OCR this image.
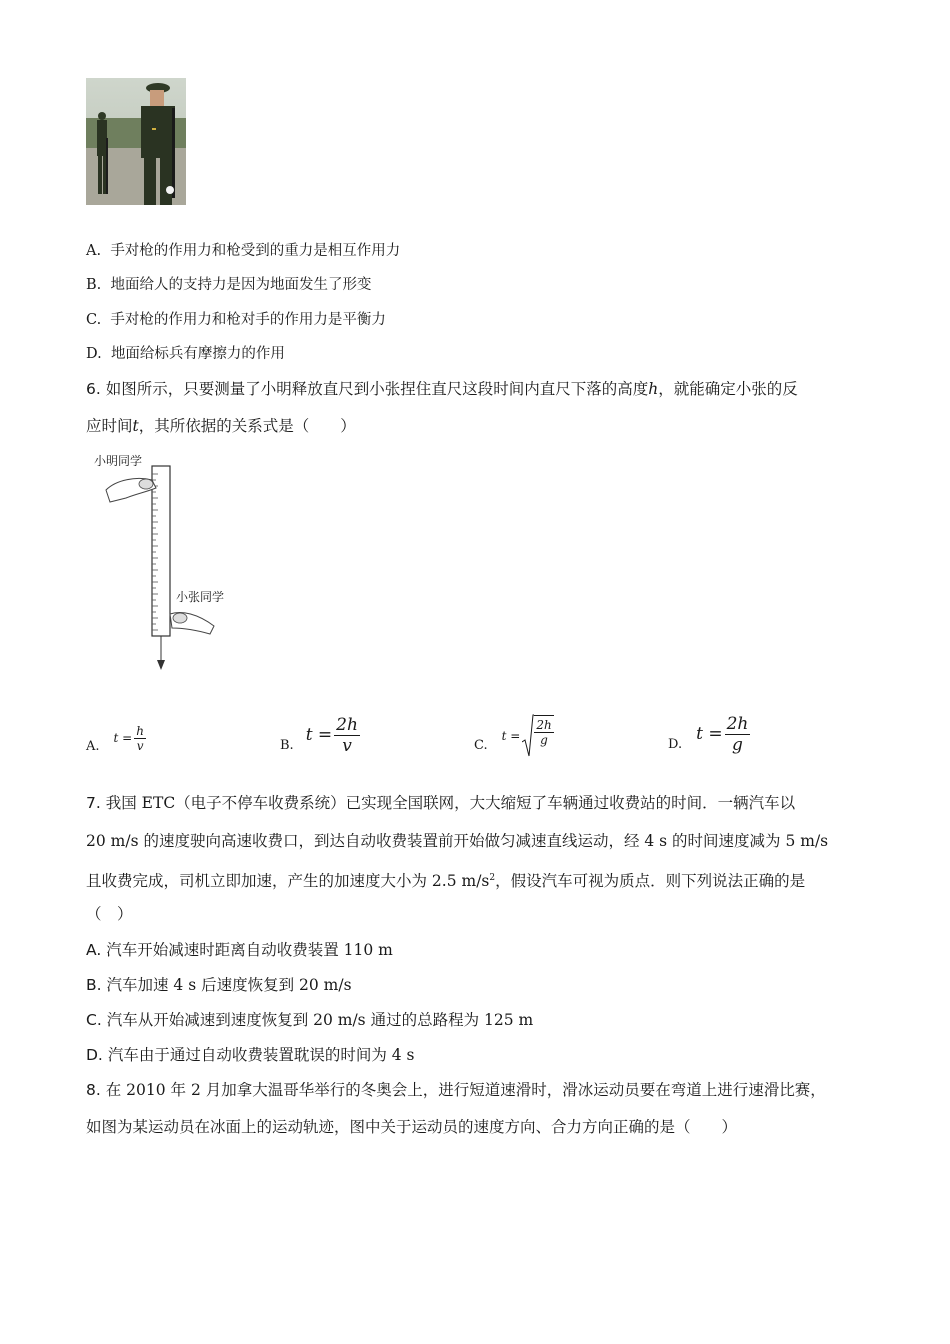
A. 手对枪的作用力和枪受到的重力是相互作用力
B. 地面给人的支持力是因为地面发生了形变
C. 手对枪的作用力和枪对手的作用力是平衡力
D. 地面给标兵有摩擦力的作用
6. 如图所示，只要测量了小明释放直尺到小张捏住直尺这段时间内直尺下落的高度h，就能确定小张的反
应时间t，其所依据的关系式是（　　）
小明同学
小张同学
A.
$t = \frac{h}{v}$	B. $t = \frac{2h}{v}$	C.
$t = \frac{2h}{g}$	D. $t = \frac{2h}{g}$
7. 我国 ETC（电子不停车收费系统）已实现全国联网，大大缩短了车辆通过收费站的时间．一辆汽车以
20 m/s 的速度驶向高速收费口，到达自动收费装置前开始做匀减速直线运动，经 4 s 的时间速度减为 5 m/s
且收费完成，司机立即加速，产生的加速度大小为 2.5 $m/s^2$，假设汽车可视为质点．则下列说法正确的是
（　）
A. 汽车开始减速时距离自动收费装置 110 m
B. 汽车加速 4 s 后速度恢复到 20 m/s
C. 汽车从开始减速到速度恢复到 20 m/s 通过的总路程为 125 m
D. 汽车由于通过自动收费装置耽误的时间为 4 s
8. 在 2010 年 2 月加拿大温哥华举行的冬奥会上，进行短道速滑时，滑冰运动员要在弯道上进行速滑比赛，
如图为某运动员在冰面上的运动轨迹，图中关于运动员的速度方向、合力方向正确的是（　　）
